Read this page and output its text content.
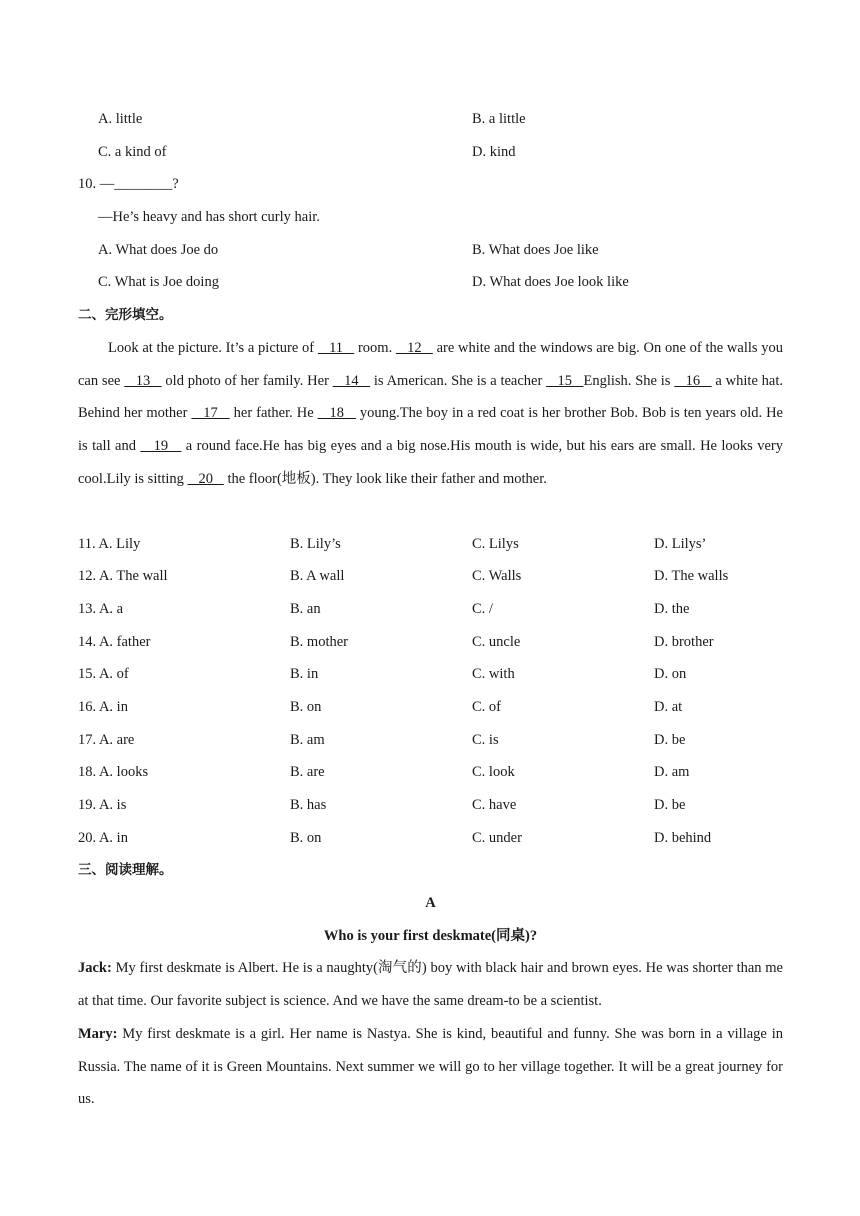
A. little	B. a little
C. a kind of	D. kind
10. —________?
—He’s heavy and has short curly hair.
A. What does Joe do	B. What does Joe like
C. What is Joe doing	D. What does Joe look like
二、完形填空。
Look at the picture. It’s a picture of    11    room.    12    are white and the windows are big. On one of the walls you can see    13    old photo of her family. Her    14    is American. She is a teacher    15   English. She is    16    a white hat. Behind her mother    17    her father. He    18    young.The boy in a red coat is her brother Bob. Bob is ten years old. He is tall and    19    a round face.He has big eyes and a big nose.His mouth is wide, but his ears are small. He looks very cool.Lily is sitting    20    the floor(地板). They look like their father and mother.
11. A. Lily	B. Lily’s	C. Lilys	D. Lilys’
12. A. The wall	B. A wall	C. Walls	D. The walls
13. A. a	B. an	C. /	D. the
14. A. father	B. mother	C. uncle	D. brother
15. A. of	B. in	C. with	D. on
16. A. in	B. on	C. of	D. at
17. A. are	B. am	C. is	D. be
18. A. looks	B. are	C. look	D. am
19. A. is	B. has	C. have	D. be
20. A. in	B. on	C. under	D. behind
三、阅读理解。
A
Who is your first deskmate(同桌)?
Jack: My first deskmate is Albert. He is a naughty(淘气的) boy with black hair and brown eyes. He was shorter than me at that time. Our favorite subject is science. And we have the same dream-to be a scientist.
Mary: My first deskmate is a girl. Her name is Nastya. She is kind, beautiful and funny. She was born in a village in Russia. The name of it is Green Mountains. Next summer we will go to her village together. It will be a great journey for us.
